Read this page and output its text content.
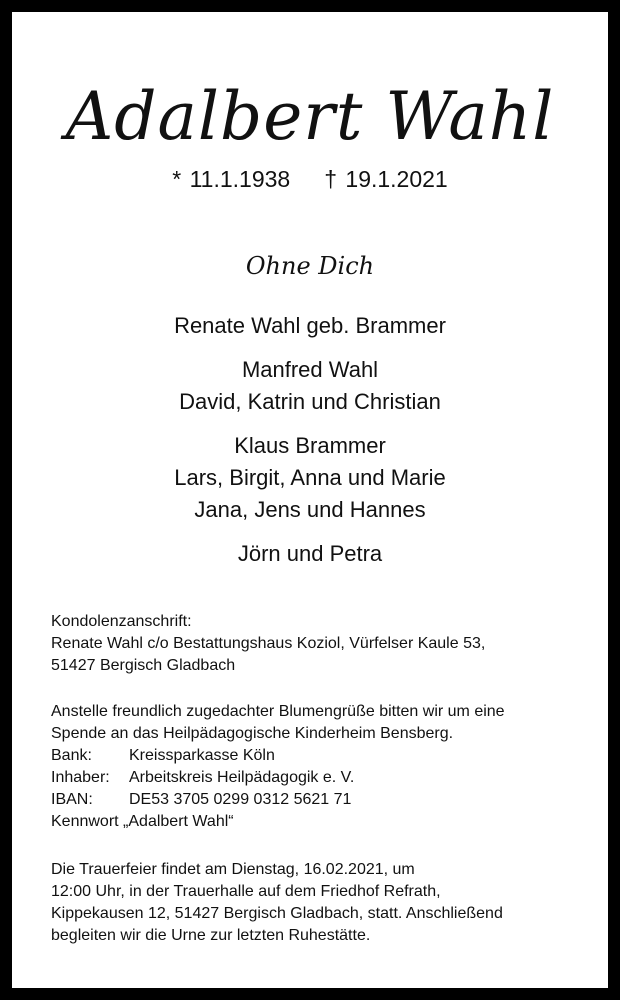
Adalbert Wahl
* 11.1.1938 † 19.1.2021
Ohne Dich
Renate Wahl geb. Brammer
Manfred Wahl
David, Katrin und Christian
Klaus Brammer
Lars, Birgit, Anna und Marie
Jana, Jens und Hannes
Jörn und Petra

Kondolenzanschrift:

Renate Wahl c/o Bestattungshaus Koziol, Vürfelser Kaule 53,

51427 Bergisch Gladbach

Anstelle freundlich zugedachter Blumengrüße bitten wir um eine

Spende an das Heilpädagogische Kinderheim Bensberg.

Bank:	Kreissparkasse Köln
Inhaber:	Arbeitskreis Heilpädagogik e. V.
IBAN:	DE53 3705 0299 0312 5621 71

Kennwort „Adalbert Wahl“

Die Trauerfeier findet am Dienstag, 16.02.2021, um

12:00 Uhr, in der Trauerhalle auf dem Friedhof Refrath,

Kippekausen 12, 51427 Bergisch Gladbach, statt. Anschließend

begleiten wir die Urne zur letzten Ruhestätte.
